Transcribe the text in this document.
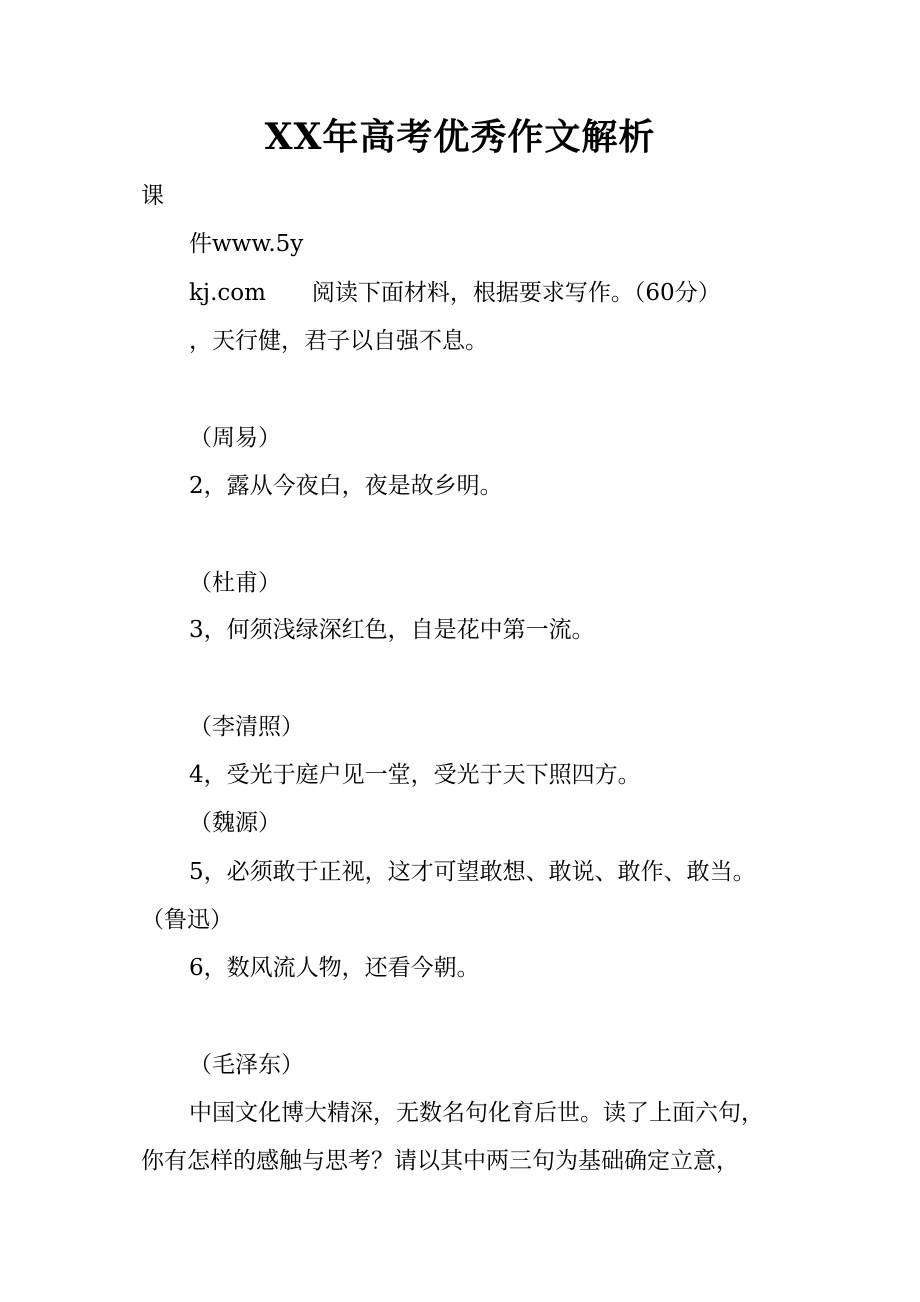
XX年高考优秀作文解析
课
件www.5y
kj.com 阅读下面材料，根据要求写作。（60分）
，天行健，君子以自强不息。
（周易）
2，露从今夜白，夜是故乡明。
（杜甫）
3，何须浅绿深红色，自是花中第一流。
（李清照）
4，受光于庭户见一堂，受光于天下照四方。
（魏源）
5，必须敢于正视，这才可望敢想、敢说、敢作、敢当。
（鲁迅）
6，数风流人物，还看今朝。
（毛泽东）
中国文化博大精深，无数名句化育后世。读了上面六句，
你有怎样的感触与思考？请以其中两三句为基础确定立意，
